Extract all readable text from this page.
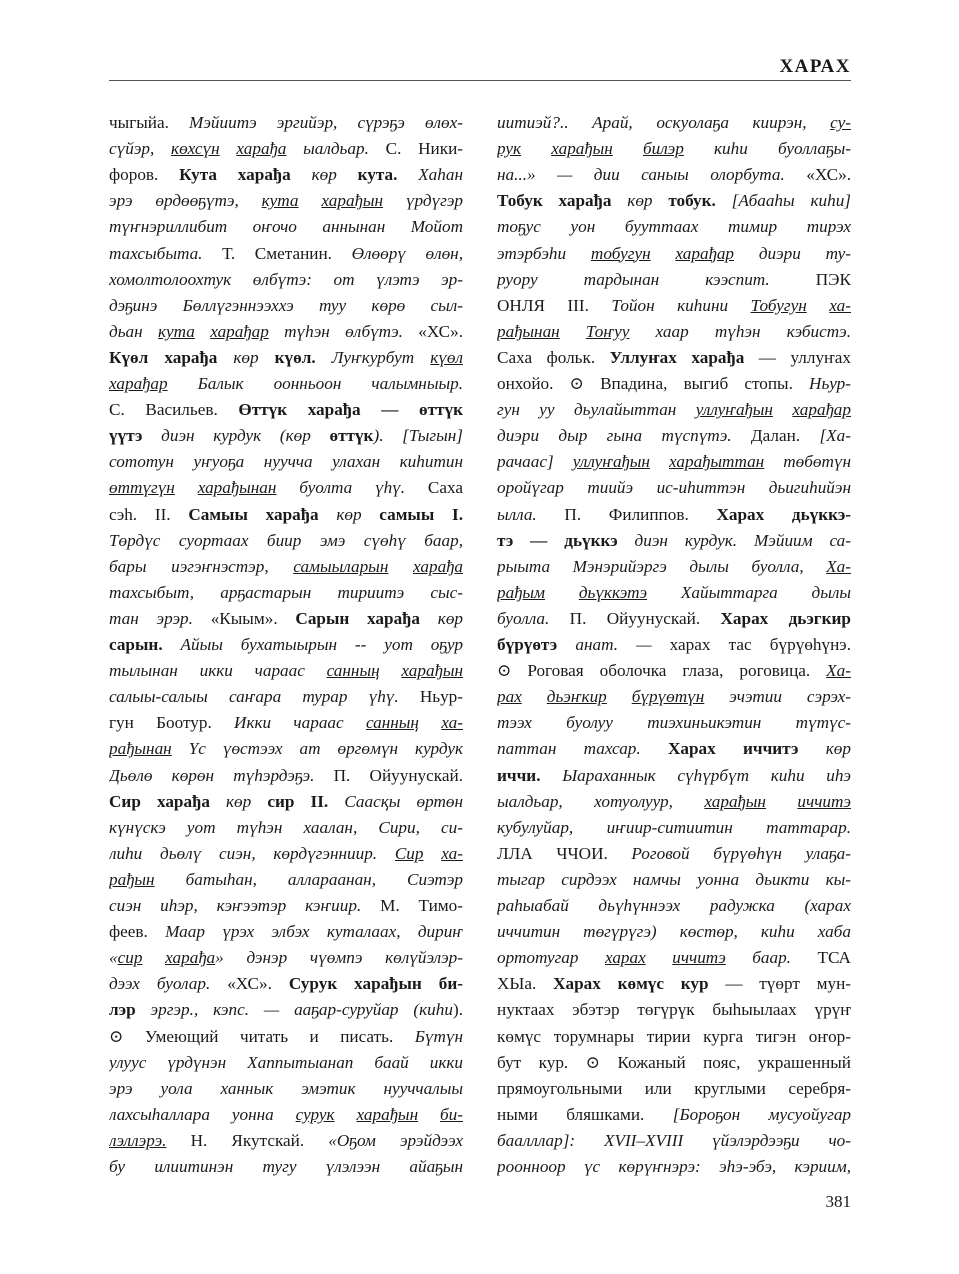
ХАРАХ
чыгыйа. Мэйиитэ эргийэр, сүрэҕэ өлөх-
сүйэр, көхсүн харађа ыалдьар. С. Ники-
форов. Кута харађа көр кута. Хаһан
эрэ өрдөөҕүтэ, кута харађын үрдүгэр
түҥнэриллибит оҥочо аннынан Мойот
тахсыбыта. Т. Сметанин. Өлөөрү өлөн,
хомолтолоохтук өлбүтэ: от үлэтэ эр-
дэҕинэ Бөллүгэннээххэ туу көрө сыл-
дьан кута харађар түһэн өлбүтэ. «ХС».
Күөл харађа көр күөл. Луҥкурбут күөл
харађар Балык оонньоон чалымныыр.
С. Васильев. Өттүк харађа — өттүк
үүтэ диэн курдук (көр өттүк). [Тыгын]
сототун уҥуоҕа нуучча улахан киһитин
өттүгүн харађынан буолта үһү. Саха
сэһ. II. Самыы харађа көр самыы I.
Төрдүс суортаах биир эмэ сүөһү баар,
бары иэгэҥнэстэр, самыыларын харађа
тахсыбыт, арҕастарын тириитэ сыс-
тан эрэр. «Кыым». Сарын харађа көр
сарын. Айыы бухатыырын -- уот оҕур
тылынан икки чараас санның харађын
салыы-салыы саҥара турар үһү. Ньур-
гун Боотур. Икки чараас санның ха-
рађынан Үс үөстээх ат өргөмүн курдук
Дьөлө көрөн түһэрдэҕэ. П. Ойуунускай.
Сир харађа көр сир II. Саасқы өртөн
күнүскэ уот түһэн хаалан, Сири, си-
лиһи дьөлү сиэн, көрдүгэнниир. Сир ха-
рађын батыһан, аллараанан, Сиэтэр
сиэн иһэр, кэҥээтэр кэҥиир. М. Тимо-
феев. Маар үрэх элбэх куталаах, дириҥ
«сир харађа» дэнэр чүөмпэ көлүйэлэр-
дээх буолар. «ХС». Сурук харађын би-
лэр эргэр., кэпс. — ааҕар-суруйар (киһи).
⊙ Умеющий читать и писать. Бүтүн
улуус үрдүнэн Хаппытыанап баай икки
эрэ уола ханнык эмэтик нууччалыы
лахсыһаллара уонна сурук харађын би-
лэллэрэ. Н. Якутскай. «Оҕом эрэйдээх
бу илиитинэн тугу үлэлээн айаҕын
иитиэй?.. Арай, оскуолаҕа киирэн, су-
рук харађын билэр киһи буоллаҕы-
на...» — дии саныы олорбута. «ХС».
Тобук харађа көр тобук. [Абааһы киһи]
тоҕус уон бууттаах тимир тирэх
этэрбэһи тобугун харађар диэри ту-
руору тардынан кээспит. ПЭК
ОНЛЯ III. Тойон киһини Тобугун ха-
рађынан Тоҥуу хаар түһэн кэбистэ.
Саха фольк. Уллуҥах харађа — уллуҥах
онхойо. ⊙ Впадина, выгиб стопы. Ньур-
гун уу дьулайыттан уллуҥађын харађар
диэри дыр гына түспүтэ. Далан. [Ха-
рачаас] уллуҥађын харађыттан төбөтүн
оройүгар тиийэ ис-иһиттэн дьигиһийэн
ылла. П. Филиппов. Харах дьүккэ-
тэ — дьүккэ диэн курдук. Мэйиим са-
рыыта Мэнэрийэргэ дылы буолла, Ха-
рађым дьүккэтэ Хайыттарга дылы
буолла. П. Ойуунускай. Харах дьэгкир
бүрүөтэ анат. — харах тас бүрүөһүнэ.
⊙ Роговая оболочка глаза, роговица. Ха-
рах дьэҥкир бүрүөтүн эчэтии сэрэх-
тээх буолуу тиэхиньикэтин түтүс-
паттан тахсар. Харах иччитэ көр
иччи. Ыараханнык сүһүрбүт киһи иһэ
ыалдьар, хотуолуур, харађын иччитэ
кубулуйар, иҥиир-ситиитин таттарар.
ЛЛА ЧЧОИ. Роговой бүрүөһүн улаҕа-
тыгар сирдээх намчы уонна дьикти кы-
раһыабай дьүһүннээх радужка (харах
иччитин төгүрүгэ) көстөр, киһи хаба
ортотугар харах иччитэ баар. ТСА
ХЫа. Харах көмүс кур — түөрт мун-
нуктаах эбэтэр төгүрүк быһыылаах үрүҥ
көмүс торумнары тирии курга тигэн оҥор-
бут кур. ⊙ Кожаный пояс, украшенный
прямоугольными или круглыми серебря-
ными бляшками. [Бороҕон мусуойугар
баалллар]: XVII–XVIII үйэлэрдээҕи чо-
роонноор үс көрүҥнэрэ: эһэ-эбэ, кэриим,
381
